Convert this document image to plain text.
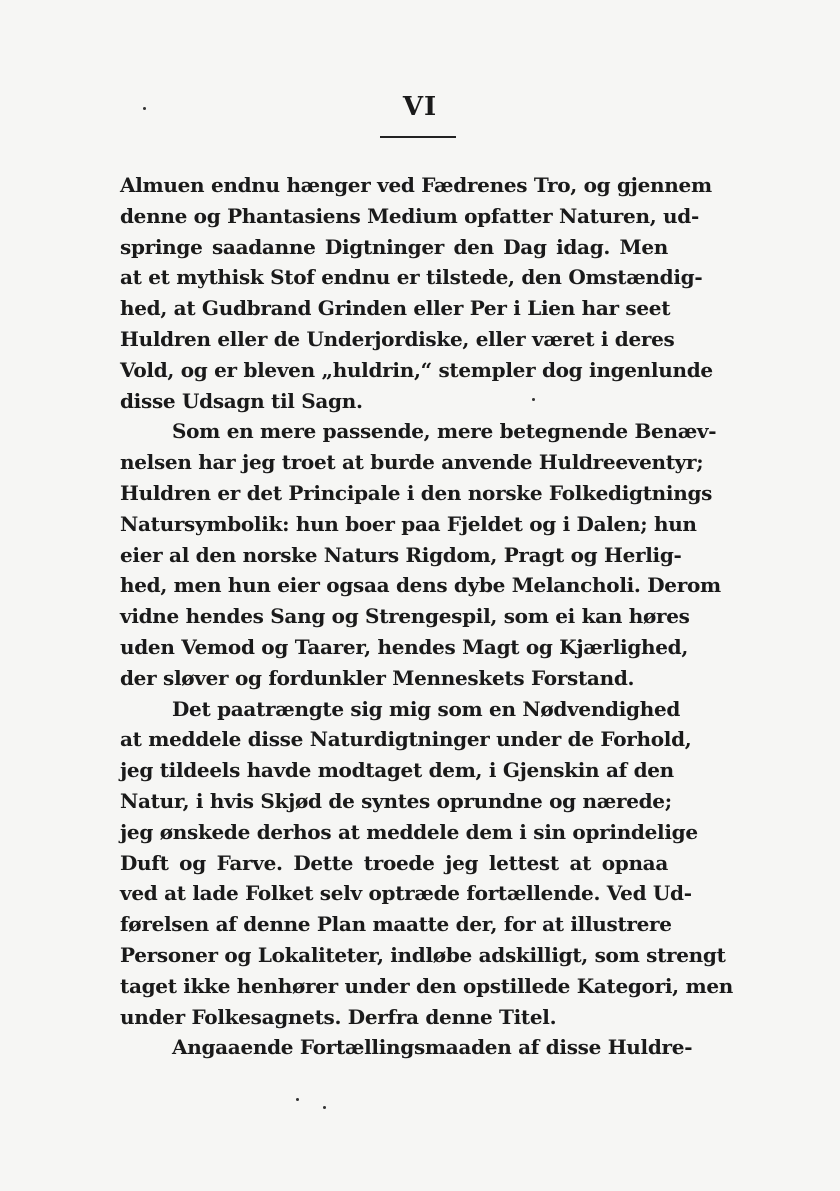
VI
Almuen endnu hænger ved Fædrenes Tro, og gjennem
denne og Phantasiens Medium opfatter Naturen, ud-
springe saadanne Digtninger den Dag idag. Men
at et mythisk Stof endnu er tilstede, den Omstændig-
hed, at Gudbrand Grinden eller Per i Lien har seet
Huldren eller de Underjordiske, eller været i deres
Vold, og er bleven „huldrin,“ stempler dog ingenlunde
disse Udsagn til Sagn.
Som en mere passende, mere betegnende Benæv-
nelsen har jeg troet at burde anvende Huldreeventyr;
Huldren er det Principale i den norske Folkedigtnings
Natursymbolik: hun boer paa Fjeldet og i Dalen; hun
eier al den norske Naturs Rigdom, Pragt og Herlig-
hed, men hun eier ogsaa dens dybe Melancholi. Derom
vidne hendes Sang og Strengespil, som ei kan høres
uden Vemod og Taarer, hendes Magt og Kjærlighed,
der sløver og fordunkler Menneskets Forstand.
Det paatrængte sig mig som en Nødvendighed
at meddele disse Naturdigtninger under de Forhold,
jeg tildeels havde modtaget dem, i Gjenskin af den
Natur, i hvis Skjød de syntes oprundne og nærede;
jeg ønskede derhos at meddele dem i sin oprindelige
Duft og Farve. Dette troede jeg lettest at opnaa
ved at lade Folket selv optræde fortællende. Ved Ud-
førelsen af denne Plan maatte der, for at illustrere
Personer og Lokaliteter, indløbe adskilligt, som strengt
taget ikke henhører under den opstillede Kategori, men
under Folkesagnets. Derfra denne Titel.
Angaaende Fortællingsmaaden af disse Huldre-
